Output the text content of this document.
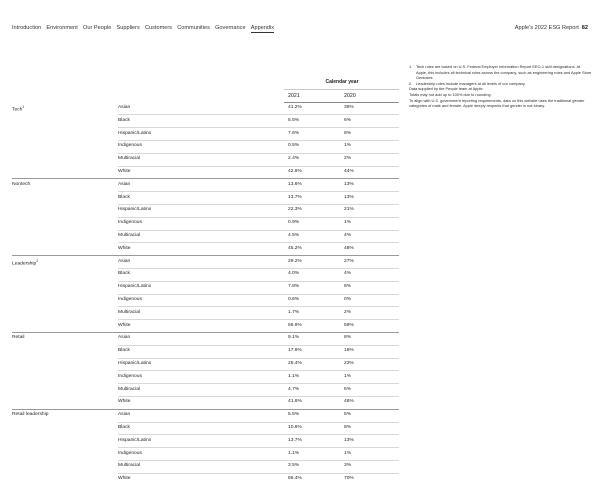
Introduction Environment Our People Suppliers Customers Communities Governance Appendix	Apple’s 2022 ESG Report 82
Calendar year
2021	2020
Tech$^1$	Asian	41.2%	39%
Black	5.5%	6%
Hispanic/Latinx	7.6%	8%
Indigenous	0.5%	1%
Multiracial	2.4%	2%
White	42.6%	44%
Nontech	Asian	13.6%	13%
Black	13.7%	13%
Hispanic/Latinx	22.3%	21%
Indigenous	0.9%	1%
Multiracial	4.5%	4%
White	45.2%	48%
Leadership$^2$	Asian	29.2%	27%
Black	4.0%	4%
Hispanic/Latinx	7.8%	8%
Indigenous	0.6%	0%
Multiracial	1.7%	2%
White	56.9%	59%
Retail	Asian	9.1%	8%
Black	17.9%	16%
Hispanic/Latinx	25.4%	23%
Indigenous	1.1%	1%
Multiracial	4.7%	5%
White	41.6%	46%
Retail leadership	Asian	5.5%	5%
Black	10.6%	8%
Hispanic/Latinx	13.7%	13%
Indigenous	1.1%	1%
Multiracial	3.5%	3%
White	66.4%	70%
1. Tech roles are based on U.S. Federal Employer Information Report EEO-1 skill designations. At Apple, this includes all technical roles across the company, such as engineering roles and Apple Store Geniuses.
2. Leadership roles include managers at all levels of our company.
Data supplied by the People team at Apple.
Totals may not add up to 100% due to rounding.
To align with U.S. government reporting requirements, data on this website uses the traditional gender categories of male and female. Apple deeply respects that gender is not binary.
